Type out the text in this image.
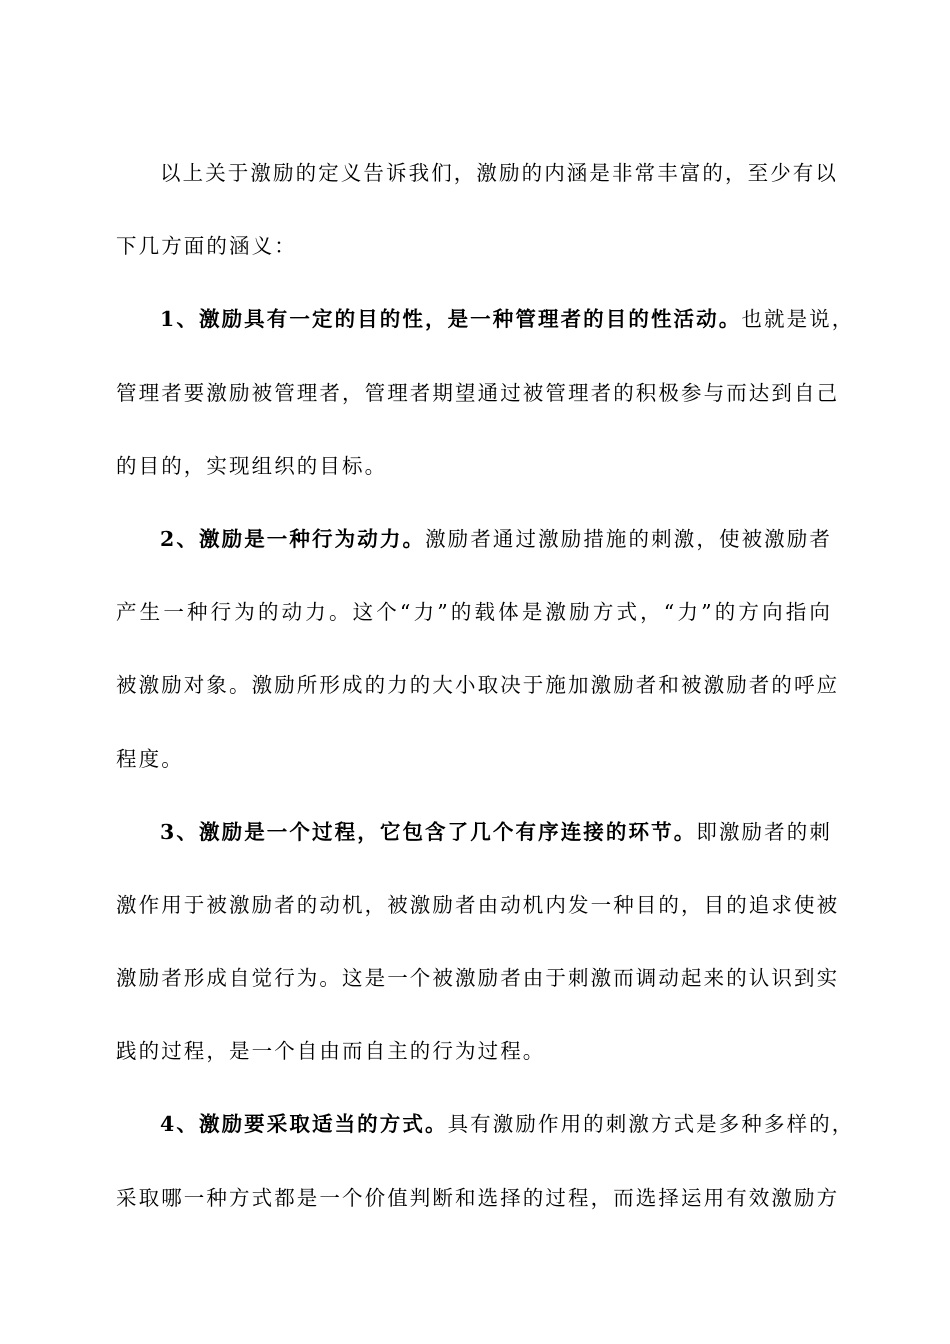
以上关于激励的定义告诉我们，激励的内涵是非常丰富的，至少有以
下几方面的涵义：
1、激励具有一定的目的性，是一种管理者的目的性活动。也就是说，
管理者要激励被管理者，管理者期望通过被管理者的积极参与而达到自己
的目的，实现组织的目标。
2、激励是一种行为动力。激励者通过激励措施的刺激，使被激励者
产生一种行为的动力。这个“力”的载体是激励方式，“力”的方向指向
被激励对象。激励所形成的力的大小取决于施加激励者和被激励者的呼应
程度。
3、激励是一个过程，它包含了几个有序连接的环节。即激励者的刺
激作用于被激励者的动机，被激励者由动机内发一种目的，目的追求使被
激励者形成自觉行为。这是一个被激励者由于刺激而调动起来的认识到实
践的过程，是一个自由而自主的行为过程。
4、激励要采取适当的方式。具有激励作用的刺激方式是多种多样的，
采取哪一种方式都是一个价值判断和选择的过程，而选择运用有效激励方
